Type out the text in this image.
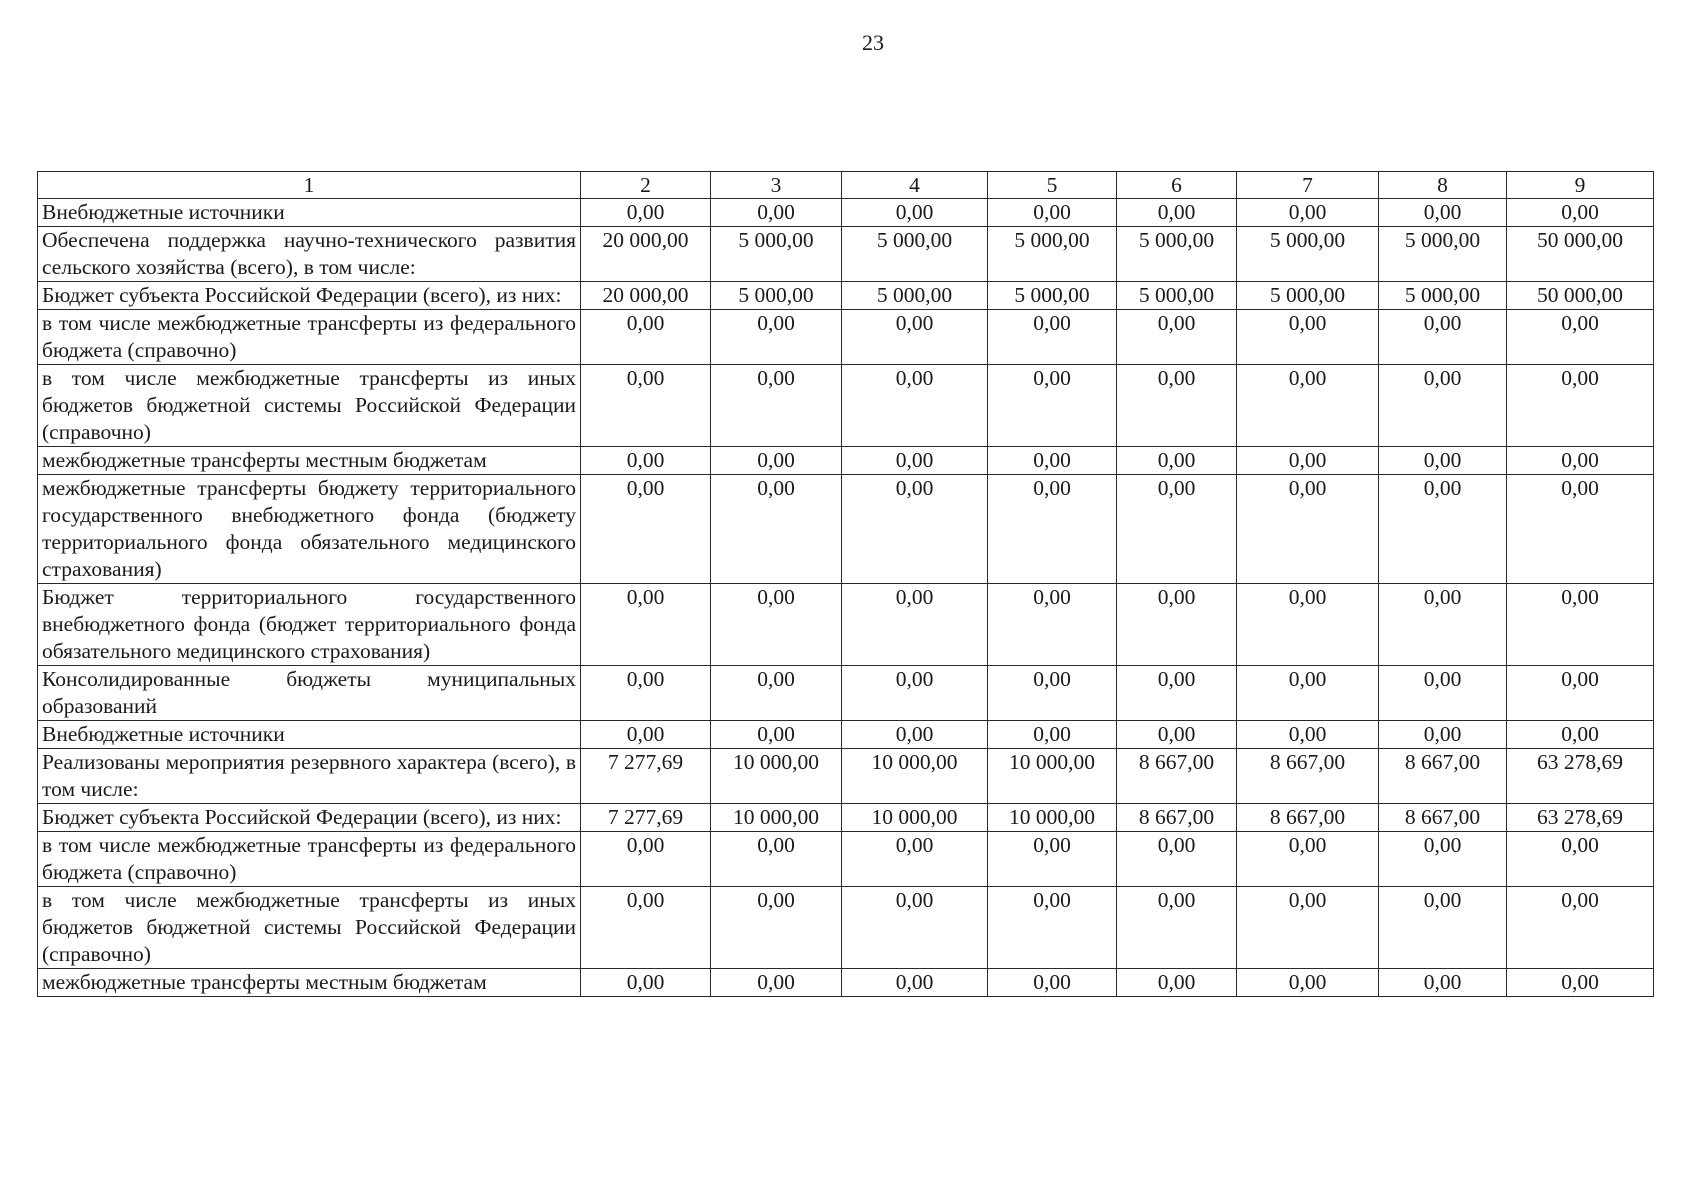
23
1	2	3	4	5	6	7	8	9
Внебюджетные источники	0,00	0,00	0,00	0,00	0,00	0,00	0,00	0,00
Обеспечена поддержка научно-технического развития сельского хозяйства (всего), в том числе:	20 000,00	5 000,00	5 000,00	5 000,00	5 000,00	5 000,00	5 000,00	50 000,00
Бюджет субъекта Российской Федерации (всего), из них:	20 000,00	5 000,00	5 000,00	5 000,00	5 000,00	5 000,00	5 000,00	50 000,00
в том числе межбюджетные трансферты из федерального бюджета (справочно)	0,00	0,00	0,00	0,00	0,00	0,00	0,00	0,00
в том числе межбюджетные трансферты из иных бюджетов бюджетной системы Российской Федерации (справочно)	0,00	0,00	0,00	0,00	0,00	0,00	0,00	0,00
межбюджетные трансферты местным бюджетам	0,00	0,00	0,00	0,00	0,00	0,00	0,00	0,00
межбюджетные трансферты бюджету территориального государственного внебюджетного фонда (бюджету территориального фонда обязательного медицинского страхования)	0,00	0,00	0,00	0,00	0,00	0,00	0,00	0,00
Бюджет территориального государственного внебюджетного фонда (бюджет территориального фонда обязательного медицинского страхования)	0,00	0,00	0,00	0,00	0,00	0,00	0,00	0,00
Консолидированные бюджеты муниципальных образований	0,00	0,00	0,00	0,00	0,00	0,00	0,00	0,00
Внебюджетные источники	0,00	0,00	0,00	0,00	0,00	0,00	0,00	0,00
Реализованы мероприятия резервного характера (всего), в том числе:	7 277,69	10 000,00	10 000,00	10 000,00	8 667,00	8 667,00	8 667,00	63 278,69
Бюджет субъекта Российской Федерации (всего), из них:	7 277,69	10 000,00	10 000,00	10 000,00	8 667,00	8 667,00	8 667,00	63 278,69
в том числе межбюджетные трансферты из федерального бюджета (справочно)	0,00	0,00	0,00	0,00	0,00	0,00	0,00	0,00
в том числе межбюджетные трансферты из иных бюджетов бюджетной системы Российской Федерации (справочно)	0,00	0,00	0,00	0,00	0,00	0,00	0,00	0,00
межбюджетные трансферты местным бюджетам	0,00	0,00	0,00	0,00	0,00	0,00	0,00	0,00
